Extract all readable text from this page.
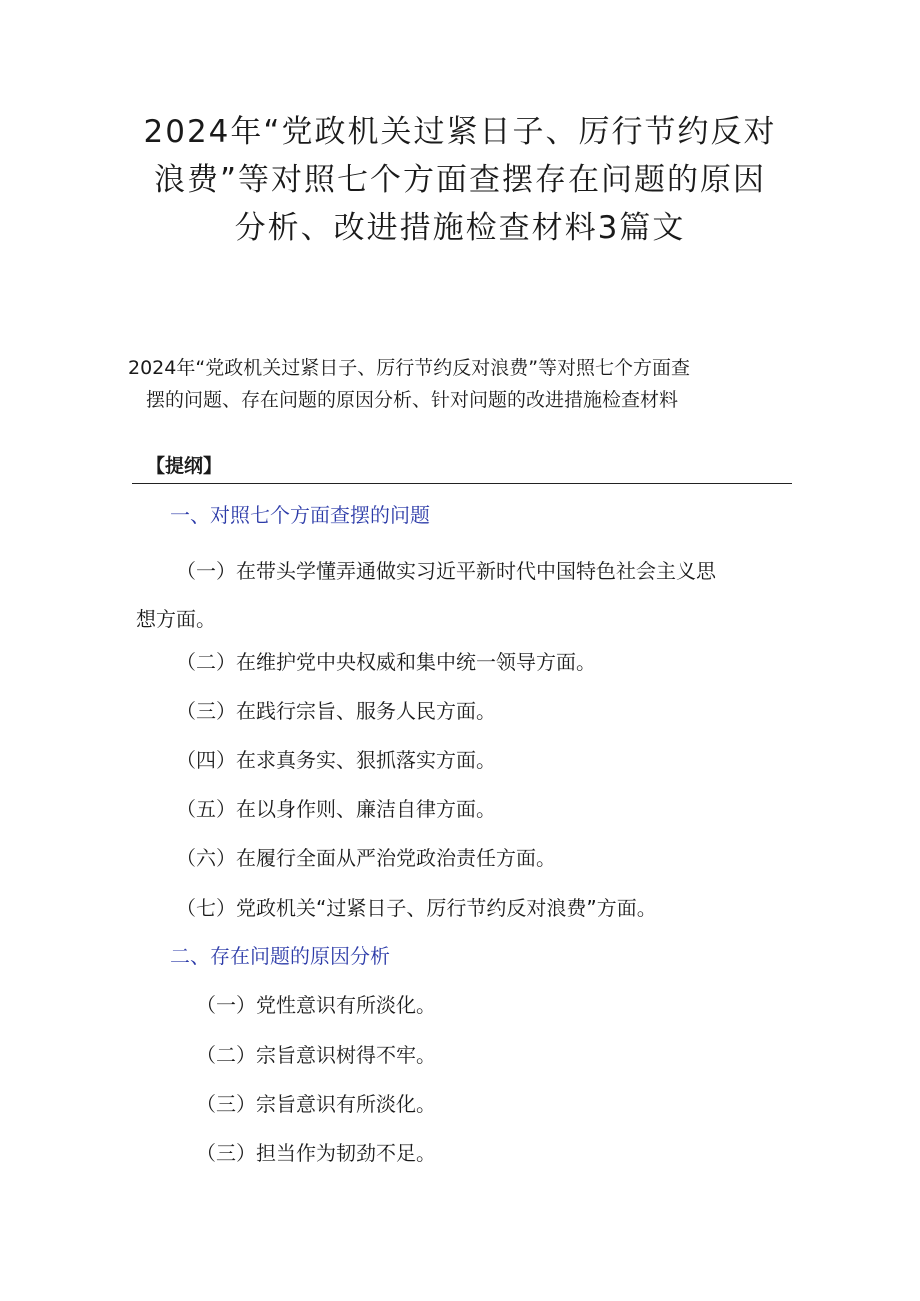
2024年“党政机关过紧日子、厉行节约反对
浪费”等对照七个方面查摆存在问题的原因
分析、改进措施检查材料3篇文

2024年“党政机关过紧日子、厉行节约反对浪费”等对照七个方面查
摆的问题、存在问题的原因分析、针对问题的改进措施检查材料

【提纲】

一、对照七个方面查摆的问题

（一）在带头学懂弄通做实习近平新时代中国特色社会主义思
想方面。

（二）在维护党中央权威和集中统一领导方面。

（三）在践行宗旨、服务人民方面。

（四）在求真务实、狠抓落实方面。

（五）在以身作则、廉洁自律方面。

（六）在履行全面从严治党政治责任方面。

（七）党政机关“过紧日子、厉行节约反对浪费”方面。

二、存在问题的原因分析

（一）党性意识有所淡化。

（二）宗旨意识树得不牢。

（三）宗旨意识有所淡化。

（三）担当作为韧劲不足。
